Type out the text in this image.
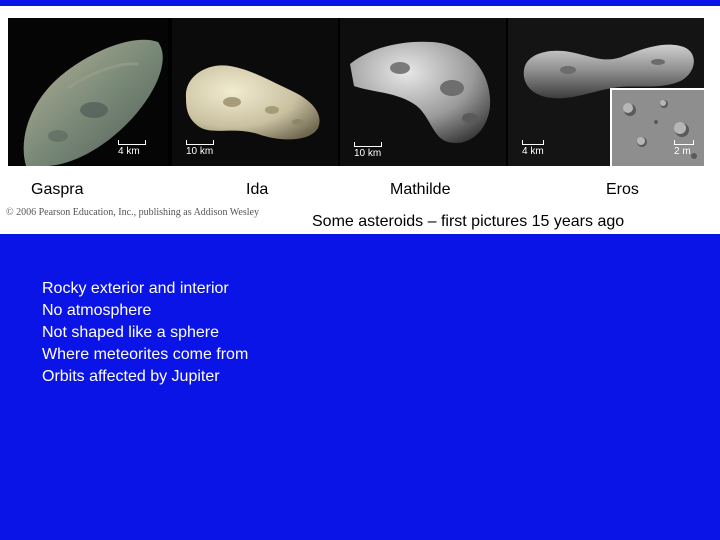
4 km	10 km	10 km	4 km	2 m
Gaspra	Ida	Mathilde	Eros
© 2006 Pearson Education, Inc., publishing as Addison Wesley
Some asteroids – first pictures 15 years ago
Rocky exterior and interior
No atmosphere
Not shaped like a sphere
Where meteorites come from
Orbits affected by Jupiter
